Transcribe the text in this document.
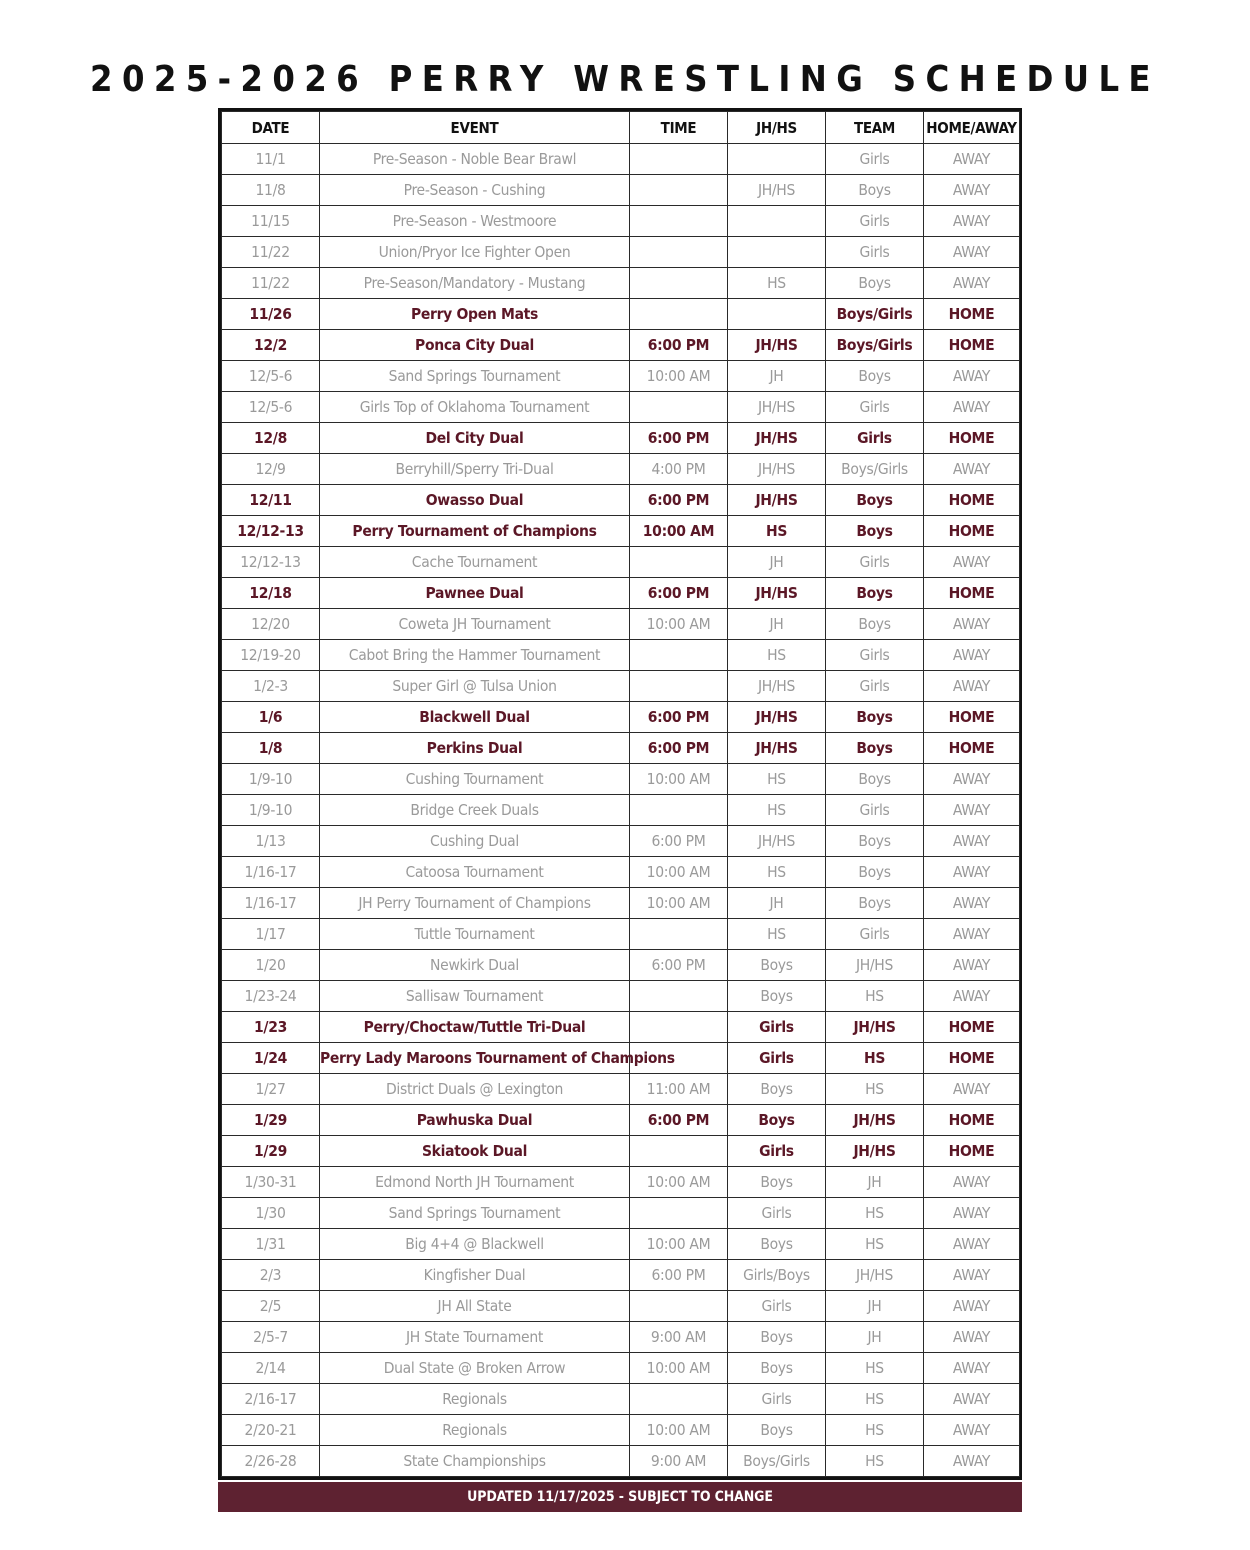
2025-2026 PERRY WRESTLING SCHEDULE
DATE	EVENT	TIME	JH/HS	TEAM	HOME/AWAY
11/1	Pre-Season - Noble Bear Brawl			Girls	AWAY
11/8	Pre-Season - Cushing		JH/HS	Boys	AWAY
11/15	Pre-Season - Westmoore			Girls	AWAY
11/22	Union/Pryor Ice Fighter Open			Girls	AWAY
11/22	Pre-Season/Mandatory - Mustang		HS	Boys	AWAY
11/26	Perry Open Mats			Boys/Girls	HOME
12/2	Ponca City Dual	6:00 PM	JH/HS	Boys/Girls	HOME
12/5-6	Sand Springs Tournament	10:00 AM	JH	Boys	AWAY
12/5-6	Girls Top of Oklahoma Tournament		JH/HS	Girls	AWAY
12/8	Del City Dual	6:00 PM	JH/HS	Girls	HOME
12/9	Berryhill/Sperry Tri-Dual	4:00 PM	JH/HS	Boys/Girls	AWAY
12/11	Owasso Dual	6:00 PM	JH/HS	Boys	HOME
12/12-13	Perry Tournament of Champions	10:00 AM	HS	Boys	HOME
12/12-13	Cache Tournament		JH	Girls	AWAY
12/18	Pawnee Dual	6:00 PM	JH/HS	Boys	HOME
12/20	Coweta JH Tournament	10:00 AM	JH	Boys	AWAY
12/19-20	Cabot Bring the Hammer Tournament		HS	Girls	AWAY
1/2-3	Super Girl @ Tulsa Union		JH/HS	Girls	AWAY
1/6	Blackwell Dual	6:00 PM	JH/HS	Boys	HOME
1/8	Perkins Dual	6:00 PM	JH/HS	Boys	HOME
1/9-10	Cushing Tournament	10:00 AM	HS	Boys	AWAY
1/9-10	Bridge Creek Duals		HS	Girls	AWAY
1/13	Cushing Dual	6:00 PM	JH/HS	Boys	AWAY
1/16-17	Catoosa Tournament	10:00 AM	HS	Boys	AWAY
1/16-17	JH Perry Tournament of Champions	10:00 AM	JH	Boys	AWAY
1/17	Tuttle Tournament		HS	Girls	AWAY
1/20	Newkirk Dual	6:00 PM	Boys	JH/HS	AWAY
1/23-24	Sallisaw Tournament		Boys	HS	AWAY
1/23	Perry/Choctaw/Tuttle Tri-Dual		Girls	JH/HS	HOME
1/24	Perry Lady Maroons Tournament of Champions		Girls	HS	HOME
1/27	District Duals @ Lexington	11:00 AM	Boys	HS	AWAY
1/29	Pawhuska Dual	6:00 PM	Boys	JH/HS	HOME
1/29	Skiatook Dual		Girls	JH/HS	HOME
1/30-31	Edmond North JH Tournament	10:00 AM	Boys	JH	AWAY
1/30	Sand Springs Tournament		Girls	HS	AWAY
1/31	Big 4+4 @ Blackwell	10:00 AM	Boys	HS	AWAY
2/3	Kingfisher Dual	6:00 PM	Girls/Boys	JH/HS	AWAY
2/5	JH All State		Girls	JH	AWAY
2/5-7	JH State Tournament	9:00 AM	Boys	JH	AWAY
2/14	Dual State @ Broken Arrow	10:00 AM	Boys	HS	AWAY
2/16-17	Regionals		Girls	HS	AWAY
2/20-21	Regionals	10:00 AM	Boys	HS	AWAY
2/26-28	State Championships	9:00 AM	Boys/Girls	HS	AWAY
UPDATED 11/17/2025 - SUBJECT TO CHANGE
